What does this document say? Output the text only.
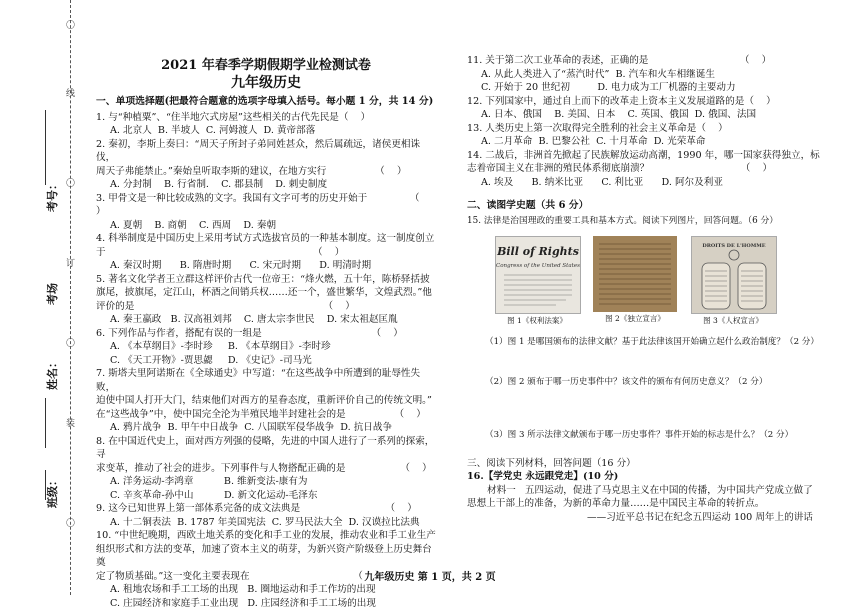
〇
线
〇
订
〇
装
〇
考号：
考场
姓名：
班级：
2021 年春季学期假期学业检测试卷
九年级历史
一、单项选择题(把最符合题意的选项字母填入括号。每小题 1 分，共 14 分)
1. 与“种植粟”、“住半地穴式房屋”这些相关的古代先民是（    ）
A. 北京人  B. 半坡人  C. 河姆渡人  D. 黄帝部落
2. 秦初，李斯上奏曰：“周天子所封子弟同姓甚众，然后属疏远，诸侯更相诛伐，
周天子弗能禁止。”秦始皇听取李斯的建议，在地方实行                （    ）
A. 分封制    B. 行省制.    C. 郡县制    D. 刺史制度
3. 甲骨文是一种比较成熟的文字。我国有文字可考的历史开始于              （    ）
A. 夏朝    B. 商朝    C. 西周    D. 秦朝
4. 科举制度是中国历史上采用考试方式选拔官员的一种基本制度。这一制度创立
于                                                                    （    ）
A. 秦汉时期      B. 隋唐时期      C. 宋元时期      D. 明清时期
5. 著名文化学者王立群这样评价古代一位帝王：“烽火燃，五十年，陈桥驿括披
旗尾，披旗尾，定江山，杯酒之间销兵权……还一个，盛世繁华，文煌武烈。”他
评价的是                                                              （    ）
A. 秦王嬴政   B. 汉高祖刘邦    C. 唐太宗李世民    D. 宋太祖赵匡胤
6. 下列作品与作者，搭配有误的一组是                                    （    ）
A. 《本草纲目》-李时珍     B. 《本草纲目》-李时珍
C. 《天工开物》-贾思勰     D. 《史记》-司马光
7. 斯塔夫里阿诺斯在《全球通史》中写道：“在这些战争中所遭到的耻辱性失败，
迫使中国人打开大门，结束他们对西方的星眷态度，重新评价自己的传统文明。”
在“这些战争”中，使中国完全沦为半殖民地半封建社会的是                （    ）
A. 鸦片战争  B. 甲午中日战争  C. 八国联军侵华战争  D. 抗日战争
8. 在中国近代史上，面对西方列强的侵略，先进的中国人进行了一系列的探索，寻
求变革，推动了社会的进步。下列事件与人物搭配正确的是                  （    ）
A. 洋务运动-李鸿章          B. 维新变法-康有为
C. 辛亥革命-孙中山          D. 新文化运动-毛泽东
9. 这今已知世界上第一部体系完备的成文法典是                            （    ）
A. 十二铜表法  B. 1787 年美国宪法  C. 罗马民法大全  D. 汉谟拉比法典
10. “中世纪晚期，西欧土地关系的变化和手工业的发展，推动农业和手工业生产
组织形式和方法的变革，加速了资本主义的萌芽，为新兴资产阶级登上历史舞台奠
定了物质基础。”这一变化主要表现在                                  （    ）
A. 租地农场和手工工场的出现   B. 圈地运动和手工作坊的出现
C. 庄园经济和家庭手工业出现   D. 庄园经济和手工工场的出现
11. 关于第二次工业革命的表述，正确的是                              （    ）
A. 从此人类进入了“蒸汽时代”  B. 汽车和火车相继诞生
C. 开始于 20 世纪初         D. 电力成为工厂机器的主要动力
12. 下列国家中，通过自上而下的改革走上资本主义发展道路的是（    ）
A. 日本、俄国    B. 美国、日本    C. 英国、俄国  D. 俄国、法国
13. 人类历史上第一次取得完全胜利的社会主义革命是（    ）
A. 二月革命  B. 巴黎公社  C. 十月革命  D. 光荣革命
14. 二战后，非洲首先掀起了民族解放运动高潮，1990 年，哪一国家获得独立，标
志着帝国主义在非洲的殖民体系彻底崩溃？                              （    ）
A. 埃及      B. 纳米比亚      C. 利比亚      D. 阿尔及利亚
二、读图学史题（共 6 分）
15. 法律是治国理政的重要工具和基本方式。阅读下列图片，回答问题。（6 分）
Bill of Rights
Congress of the United States
图 1《权利法案》	图 2《独立宣言》
DROITS DE L'HOMME
图 3《人权宣言》
（1）图 1 是哪国颁布的法律文献？基于此法律该国开始确立起什么政治制度？（2 分）
（2）图 2 颁布于哪一历史事件中？该文件的颁布有何历史意义？（2 分）
（3）图 3 所示法律文献颁布于哪一历史事件？事件开始的标志是什么？（2 分）
三、阅读下列材料，回答问题（16 分）
16.【学党史 永远跟党走】(10 分)
材料一   五四运动，促进了马克思主义在中国的传播，为中国共产党成立做了
思想上干部上的准备，为新的革命力量……是中国民主革命的转折点。
——习近平总书记在纪念五四运动 100 周年上的讲话
九年级历史 第 1 页，共 2 页
